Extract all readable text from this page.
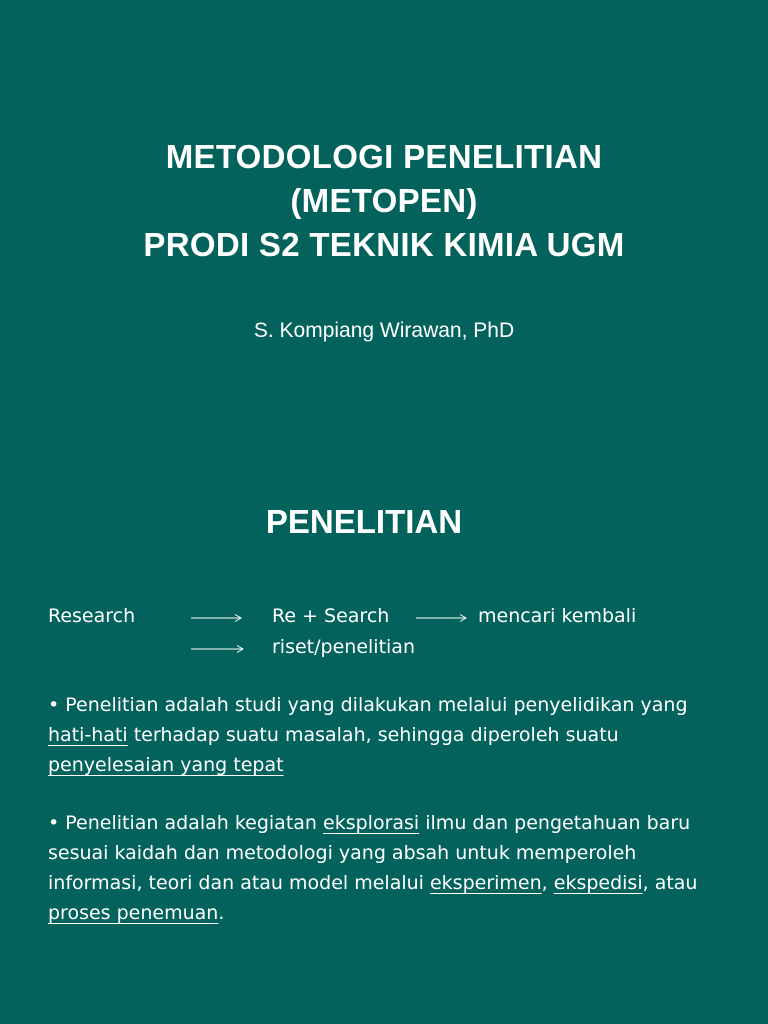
METODOLOGI PENELITIAN
(METOPEN)
PRODI S2 TEKNIK KIMIA UGM
S. Kompiang Wirawan, PhD
PENELITIAN
Research	Re + Search	mencari kembali
riset/penelitian
• Penelitian adalah studi yang dilakukan melalui penyelidikan yang
hati-hati terhadap suatu masalah, sehingga diperoleh suatu
penyelesaian yang tepat
• Penelitian adalah kegiatan eksplorasi ilmu dan pengetahuan baru
sesuai kaidah dan metodologi yang absah untuk memperoleh
informasi, teori dan atau model melalui eksperimen, ekspedisi, atau
proses penemuan.
